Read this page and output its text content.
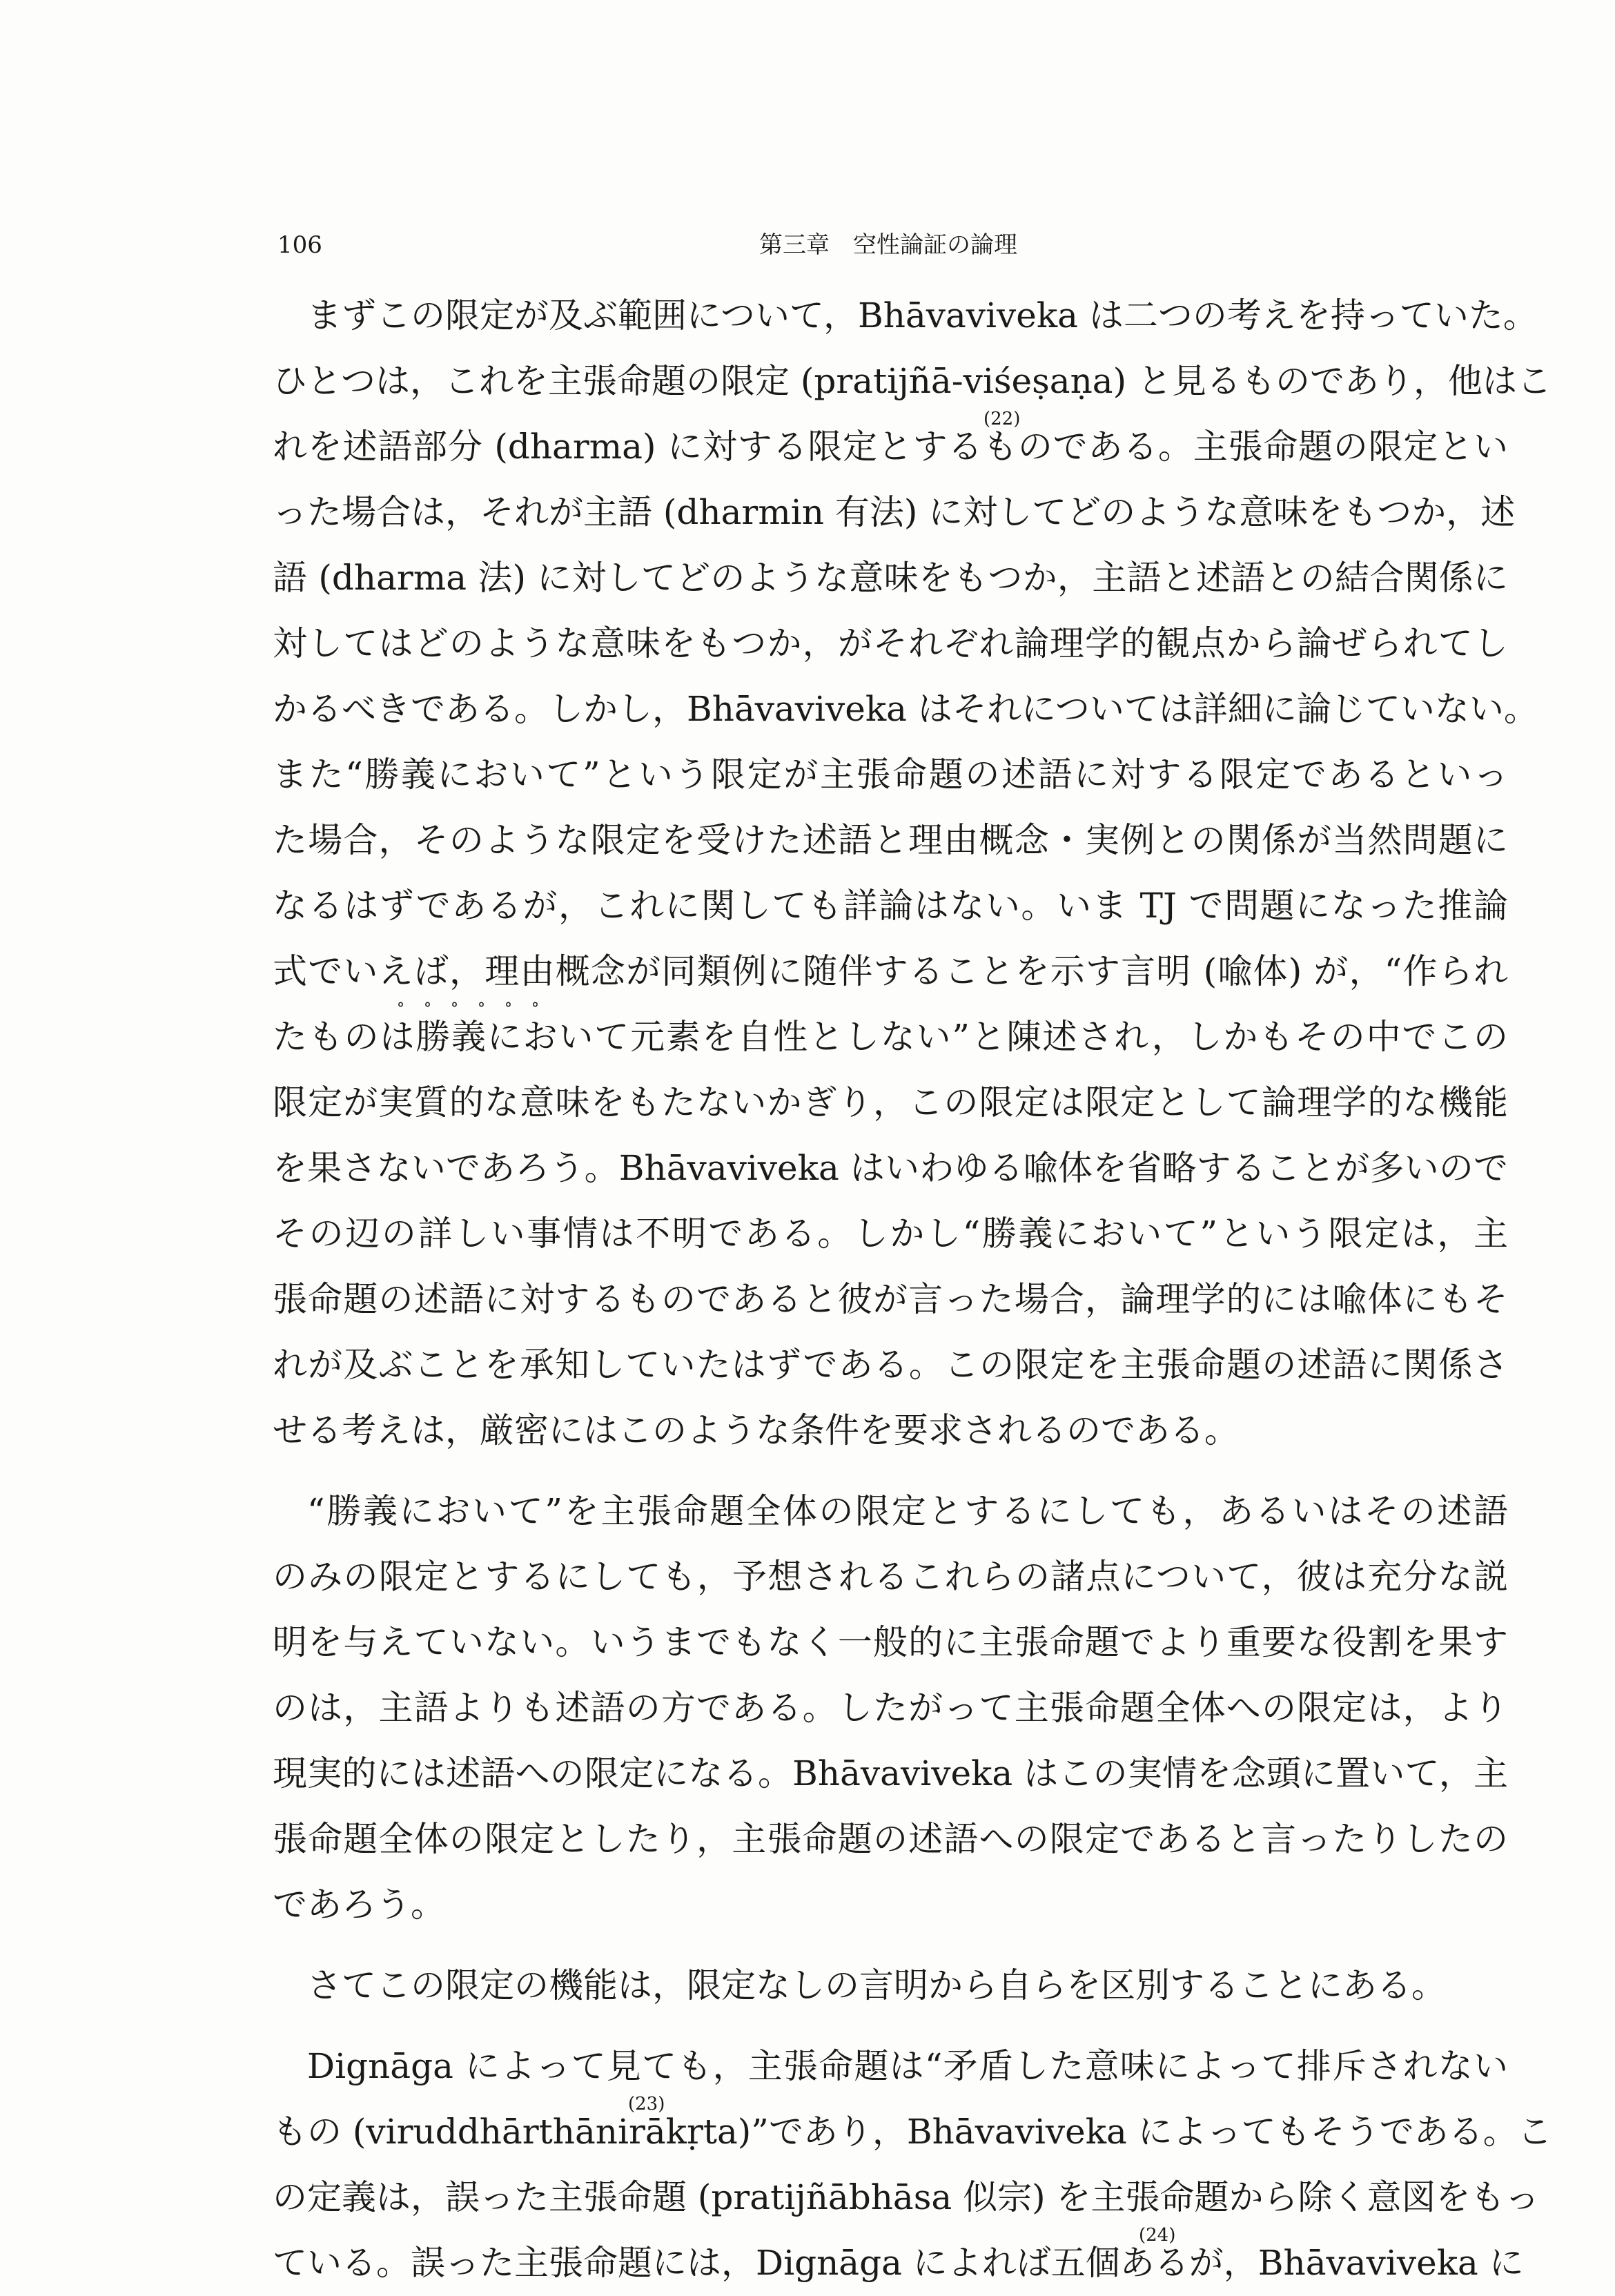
106	第三章　空性論証の論理
まずこの限定が及ぶ範囲について，Bhāvaviveka は二つの考えを持っていた。
ひとつは，これを主張命題の限定 (pratijñā-viśeṣaṇa) と見るものであり，他はこ
れを述語部分 (dharma) に対する限定とするものである。主張命題の限定とい
(22)
った場合は，それが主語 (dharmin 有法) に対してどのような意味をもつか，述
語 (dharma 法) に対してどのような意味をもつか，主語と述語との結合関係に
対してはどのような意味をもつか，がそれぞれ論理学的観点から論ぜられてし
かるべきである。しかし，Bhāvaviveka はそれについては詳細に論じていない。
また“勝義において”という限定が主張命題の述語に対する限定であるといっ
た場合，そのような限定を受けた述語と理由概念・実例との関係が当然問題に
なるはずであるが，これに関しても詳論はない。いま TJ で問題になった推論
式でいえば，理由概念が同類例に随伴することを示す言明 (喩体) が，“作られ
°°°°°°
たものは勝義において元素を自性としない”と陳述され，しかもその中でこの
限定が実質的な意味をもたないかぎり，この限定は限定として論理学的な機能
を果さないであろう。Bhāvaviveka はいわゆる喩体を省略することが多いので
その辺の詳しい事情は不明である。しかし“勝義において”という限定は，主
張命題の述語に対するものであると彼が言った場合，論理学的には喩体にもそ
れが及ぶことを承知していたはずである。この限定を主張命題の述語に関係さ
せる考えは，厳密にはこのような条件を要求されるのである。
“勝義において”を主張命題全体の限定とするにしても，あるいはその述語
のみの限定とするにしても，予想されるこれらの諸点について，彼は充分な説
明を与えていない。いうまでもなく一般的に主張命題でより重要な役割を果す
のは，主語よりも述語の方である。したがって主張命題全体への限定は，より
現実的には述語への限定になる。Bhāvaviveka はこの実情を念頭に置いて，主
張命題全体の限定としたり，主張命題の述語への限定であると言ったりしたの
であろう。
さてこの限定の機能は，限定なしの言明から自らを区別することにある。
Dignāga によって見ても，主張命題は“矛盾した意味によって排斥されない
もの (viruddhārthānirākṛta)”であり，Bhāvaviveka によってもそうである。こ
(23)
の定義は，誤った主張命題 (pratijñābhāsa 似宗) を主張命題から除く意図をもっ
ている。誤った主張命題には，Dignāga によれば五個あるが，Bhāvaviveka に
(24)
